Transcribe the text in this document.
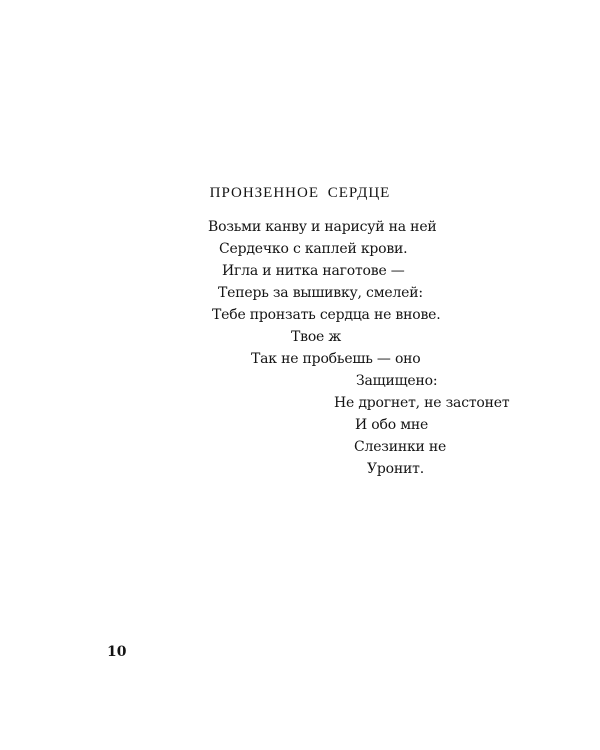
ПРОНЗЕННОЕ СЕРДЦЕ
Возьми канву и нарисуй на ней
Сердечко с каплей крови.
Игла и нитка наготове —
Теперь за вышивку, смелей:
Тебе пронзать сердца не внове.
Твое ж
Так не пробьешь — оно
Защищено:
Не дрогнет, не застонет
И обо мне
Слезинки не
Уронит.

10
